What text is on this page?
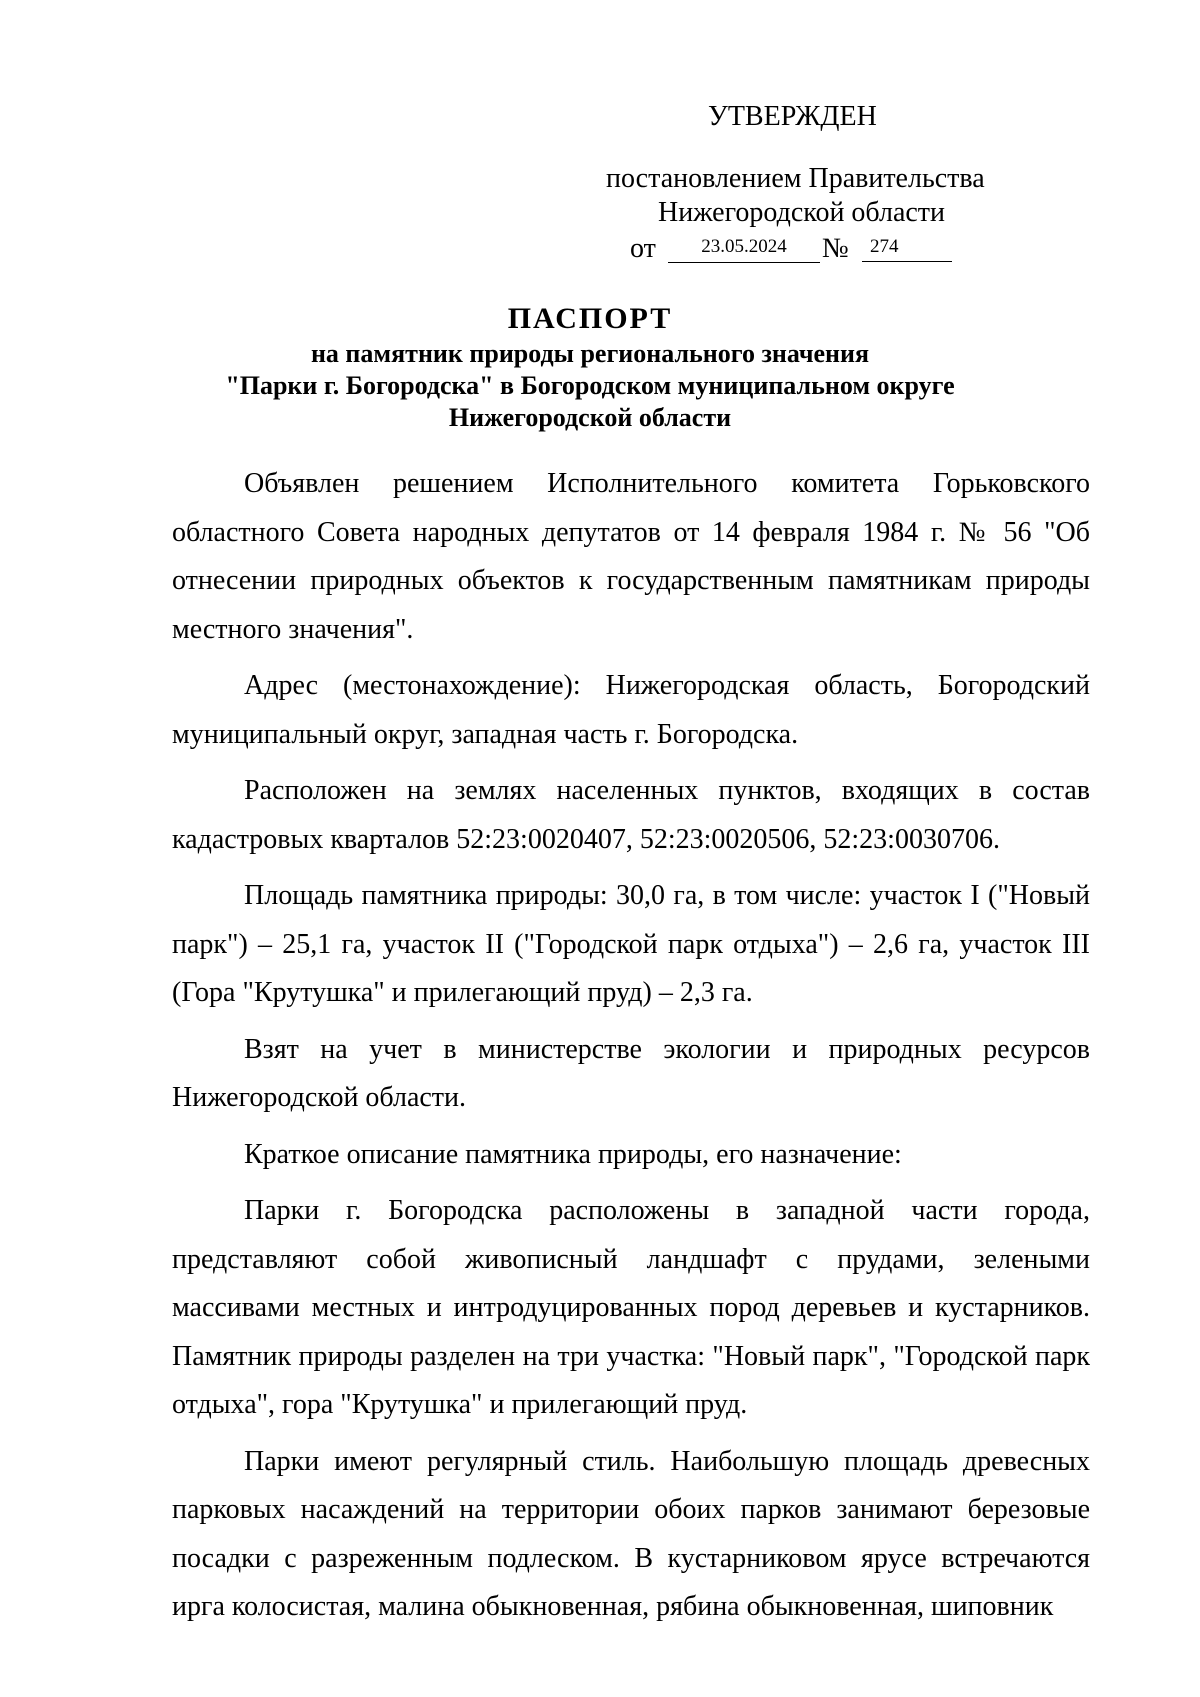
УТВЕРЖДЕН
постановлением Правительства
Нижегородской области
от	23.05.2024	№	274
ПАСПОРТ
на памятник природы регионального значения
"Парки г. Богородска" в Богородском муниципальном округе
Нижегородской области

Объявлен решением Исполнительного комитета Горьковского областного Совета народных депутатов от 14 февраля 1984 г. № 56 "Об отнесении природных объектов к государственным памятникам природы местного значения".

Адрес (местонахождение): Нижегородская область, Богородский муниципальный округ, западная часть г. Богородска.

Расположен на землях населенных пунктов, входящих в состав кадастровых кварталов 52:23:0020407, 52:23:0020506, 52:23:0030706.

Площадь памятника природы: 30,0 га, в том числе: участок I ("Новый парк") – 25,1 га, участок II ("Городской парк отдыха") – 2,6 га, участок III (Гора "Крутушка" и прилегающий пруд) – 2,3 га.

Взят на учет в министерстве экологии и природных ресурсов Нижегородской области.

Краткое описание памятника природы, его назначение:

Парки г. Богородска расположены в западной части города, представляют собой живописный ландшафт с прудами, зелеными массивами местных и интродуцированных пород деревьев и кустарников. Памятник природы разделен на три участка: "Новый парк", "Городской парк отдыха", гора "Крутушка" и прилегающий пруд.

Парки имеют регулярный стиль. Наибольшую площадь древесных парковых насаждений на территории обоих парков занимают березовые посадки с разреженным подлеском. В кустарниковом ярусе встречаются ирга колосистая, малина обыкновенная, рябина обыкновенная, шиповник
